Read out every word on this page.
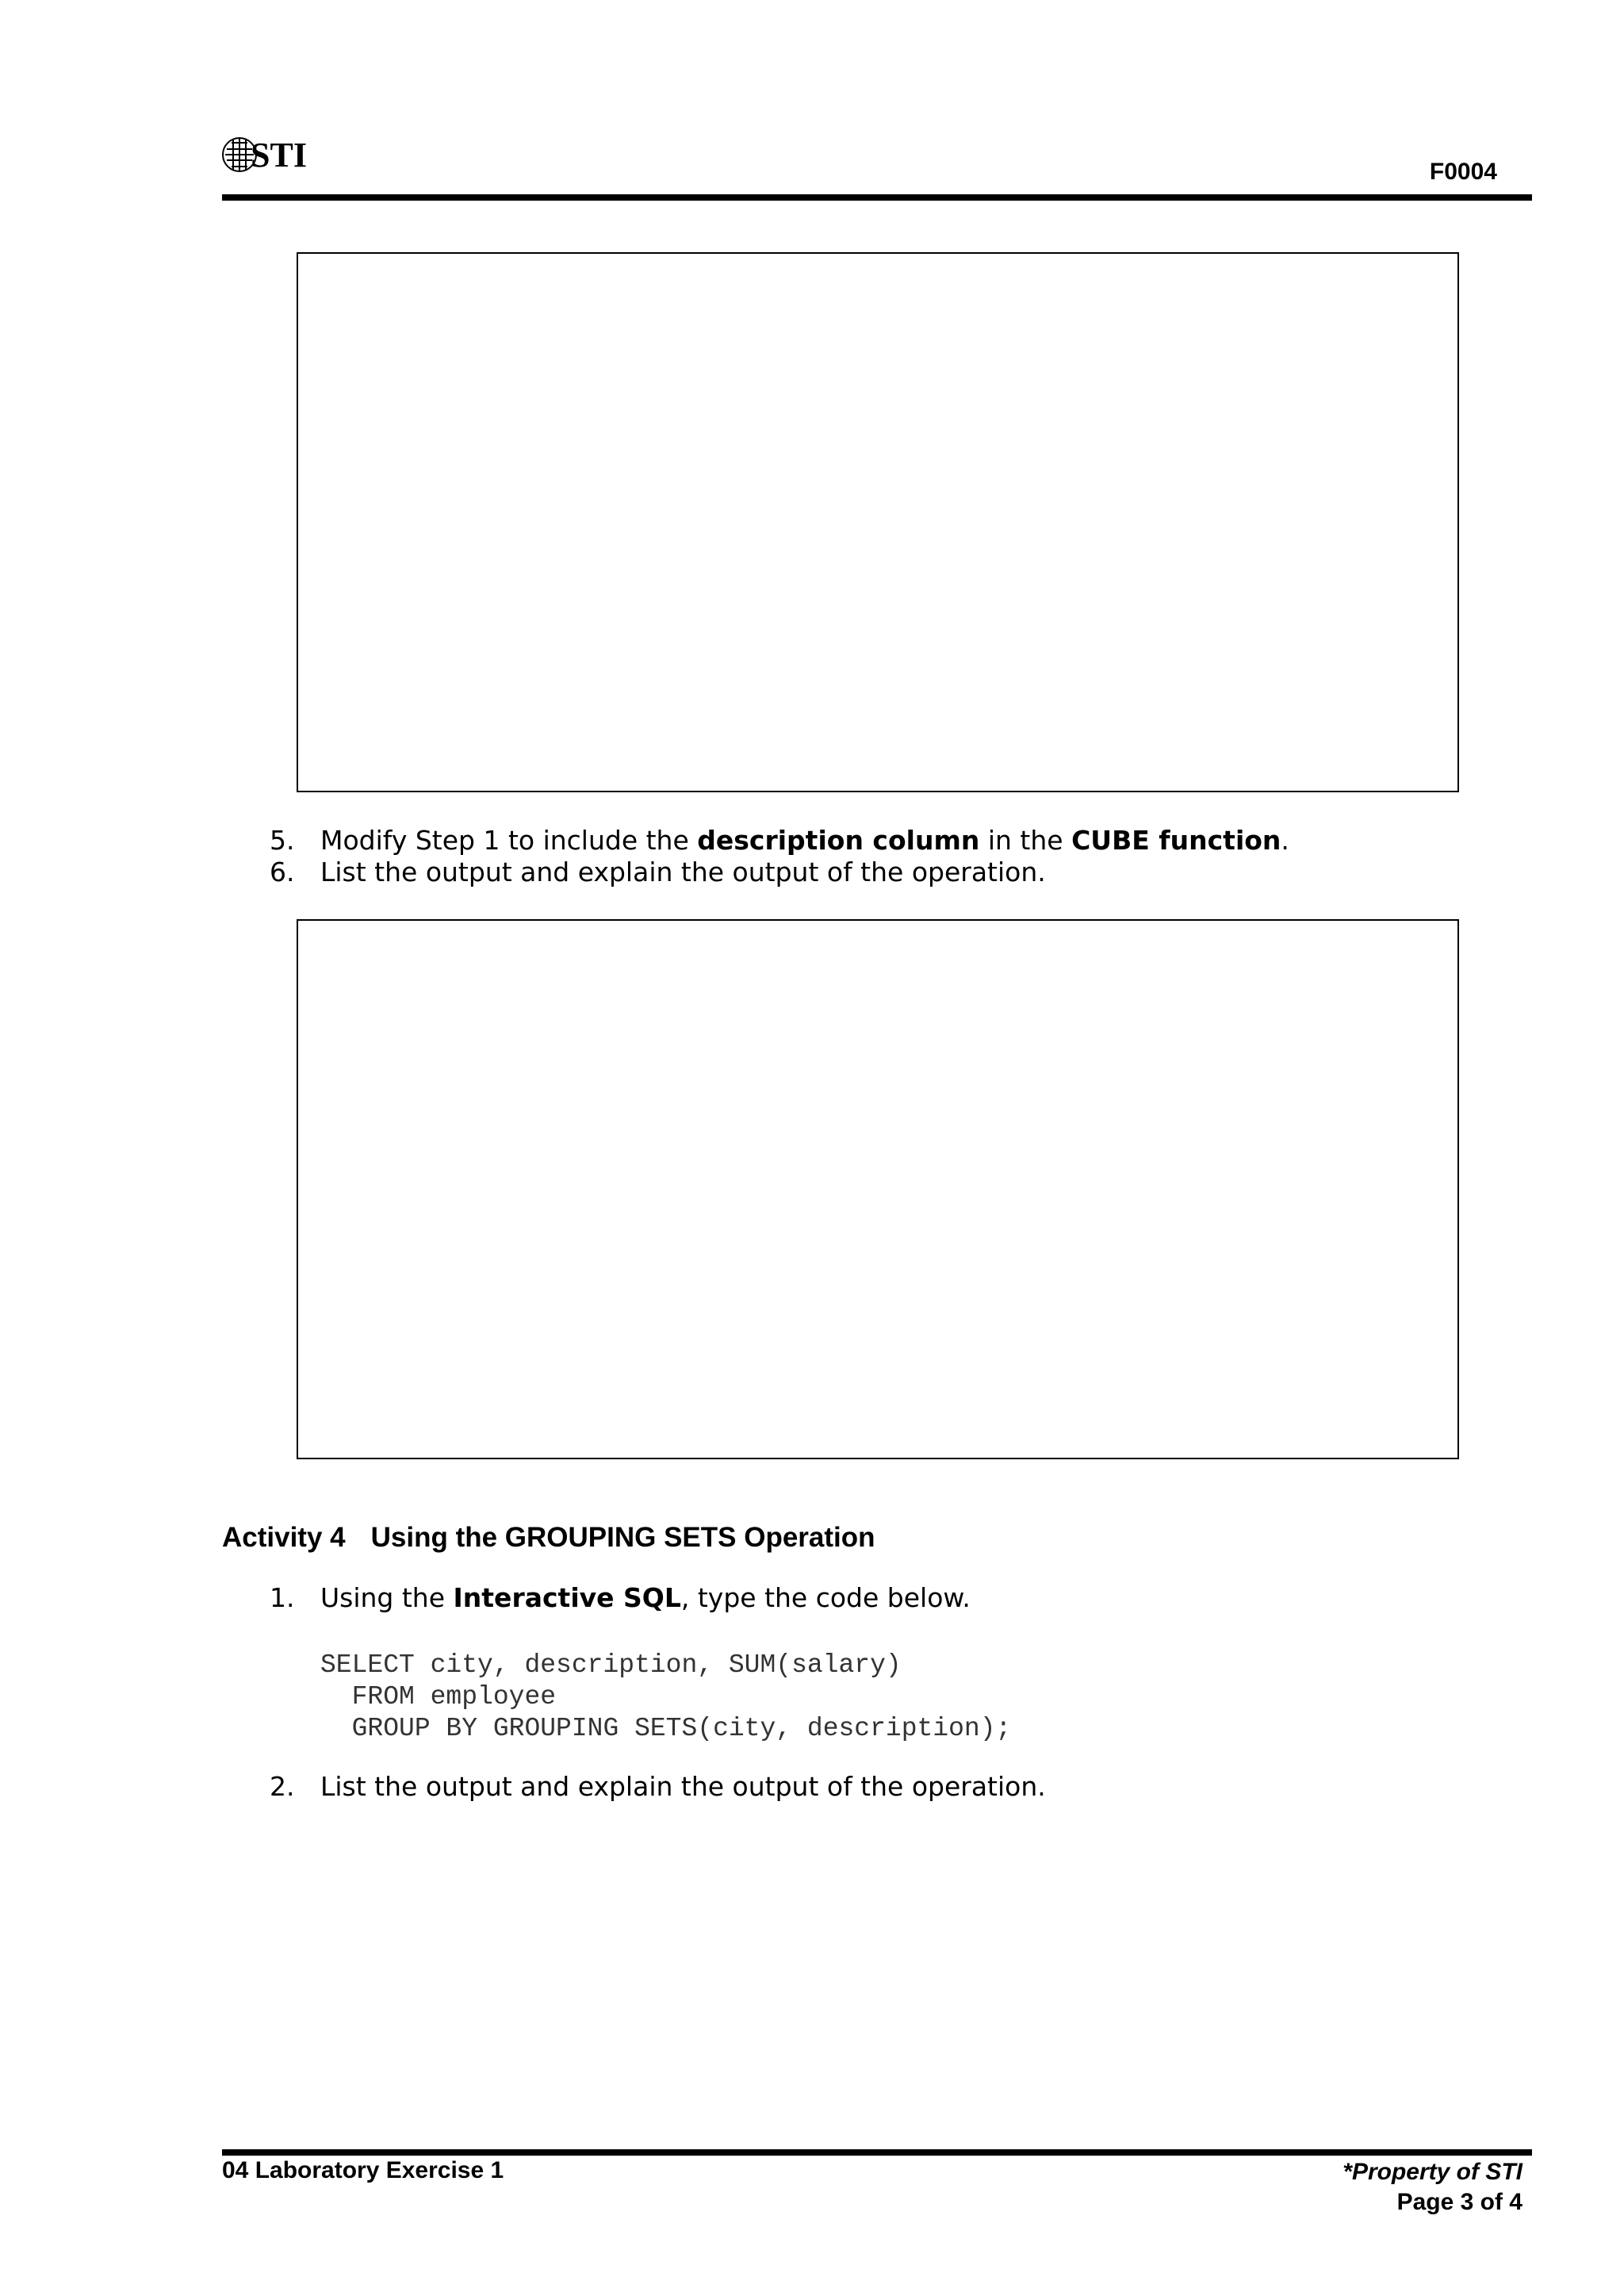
STI	F0004
5. Modify Step 1 to include the description column in the CUBE function.
6. List the output and explain the output of the operation.
Activity 4 Using the GROUPING SETS Operation
1. Using the Interactive SQL, type the code below.
SELECT city, description, SUM(salary)
FROM employee
GROUP BY GROUPING SETS(city, description);
2. List the output and explain the output of the operation.
04 Laboratory Exercise 1	*Property of STI
Page 3 of 4
